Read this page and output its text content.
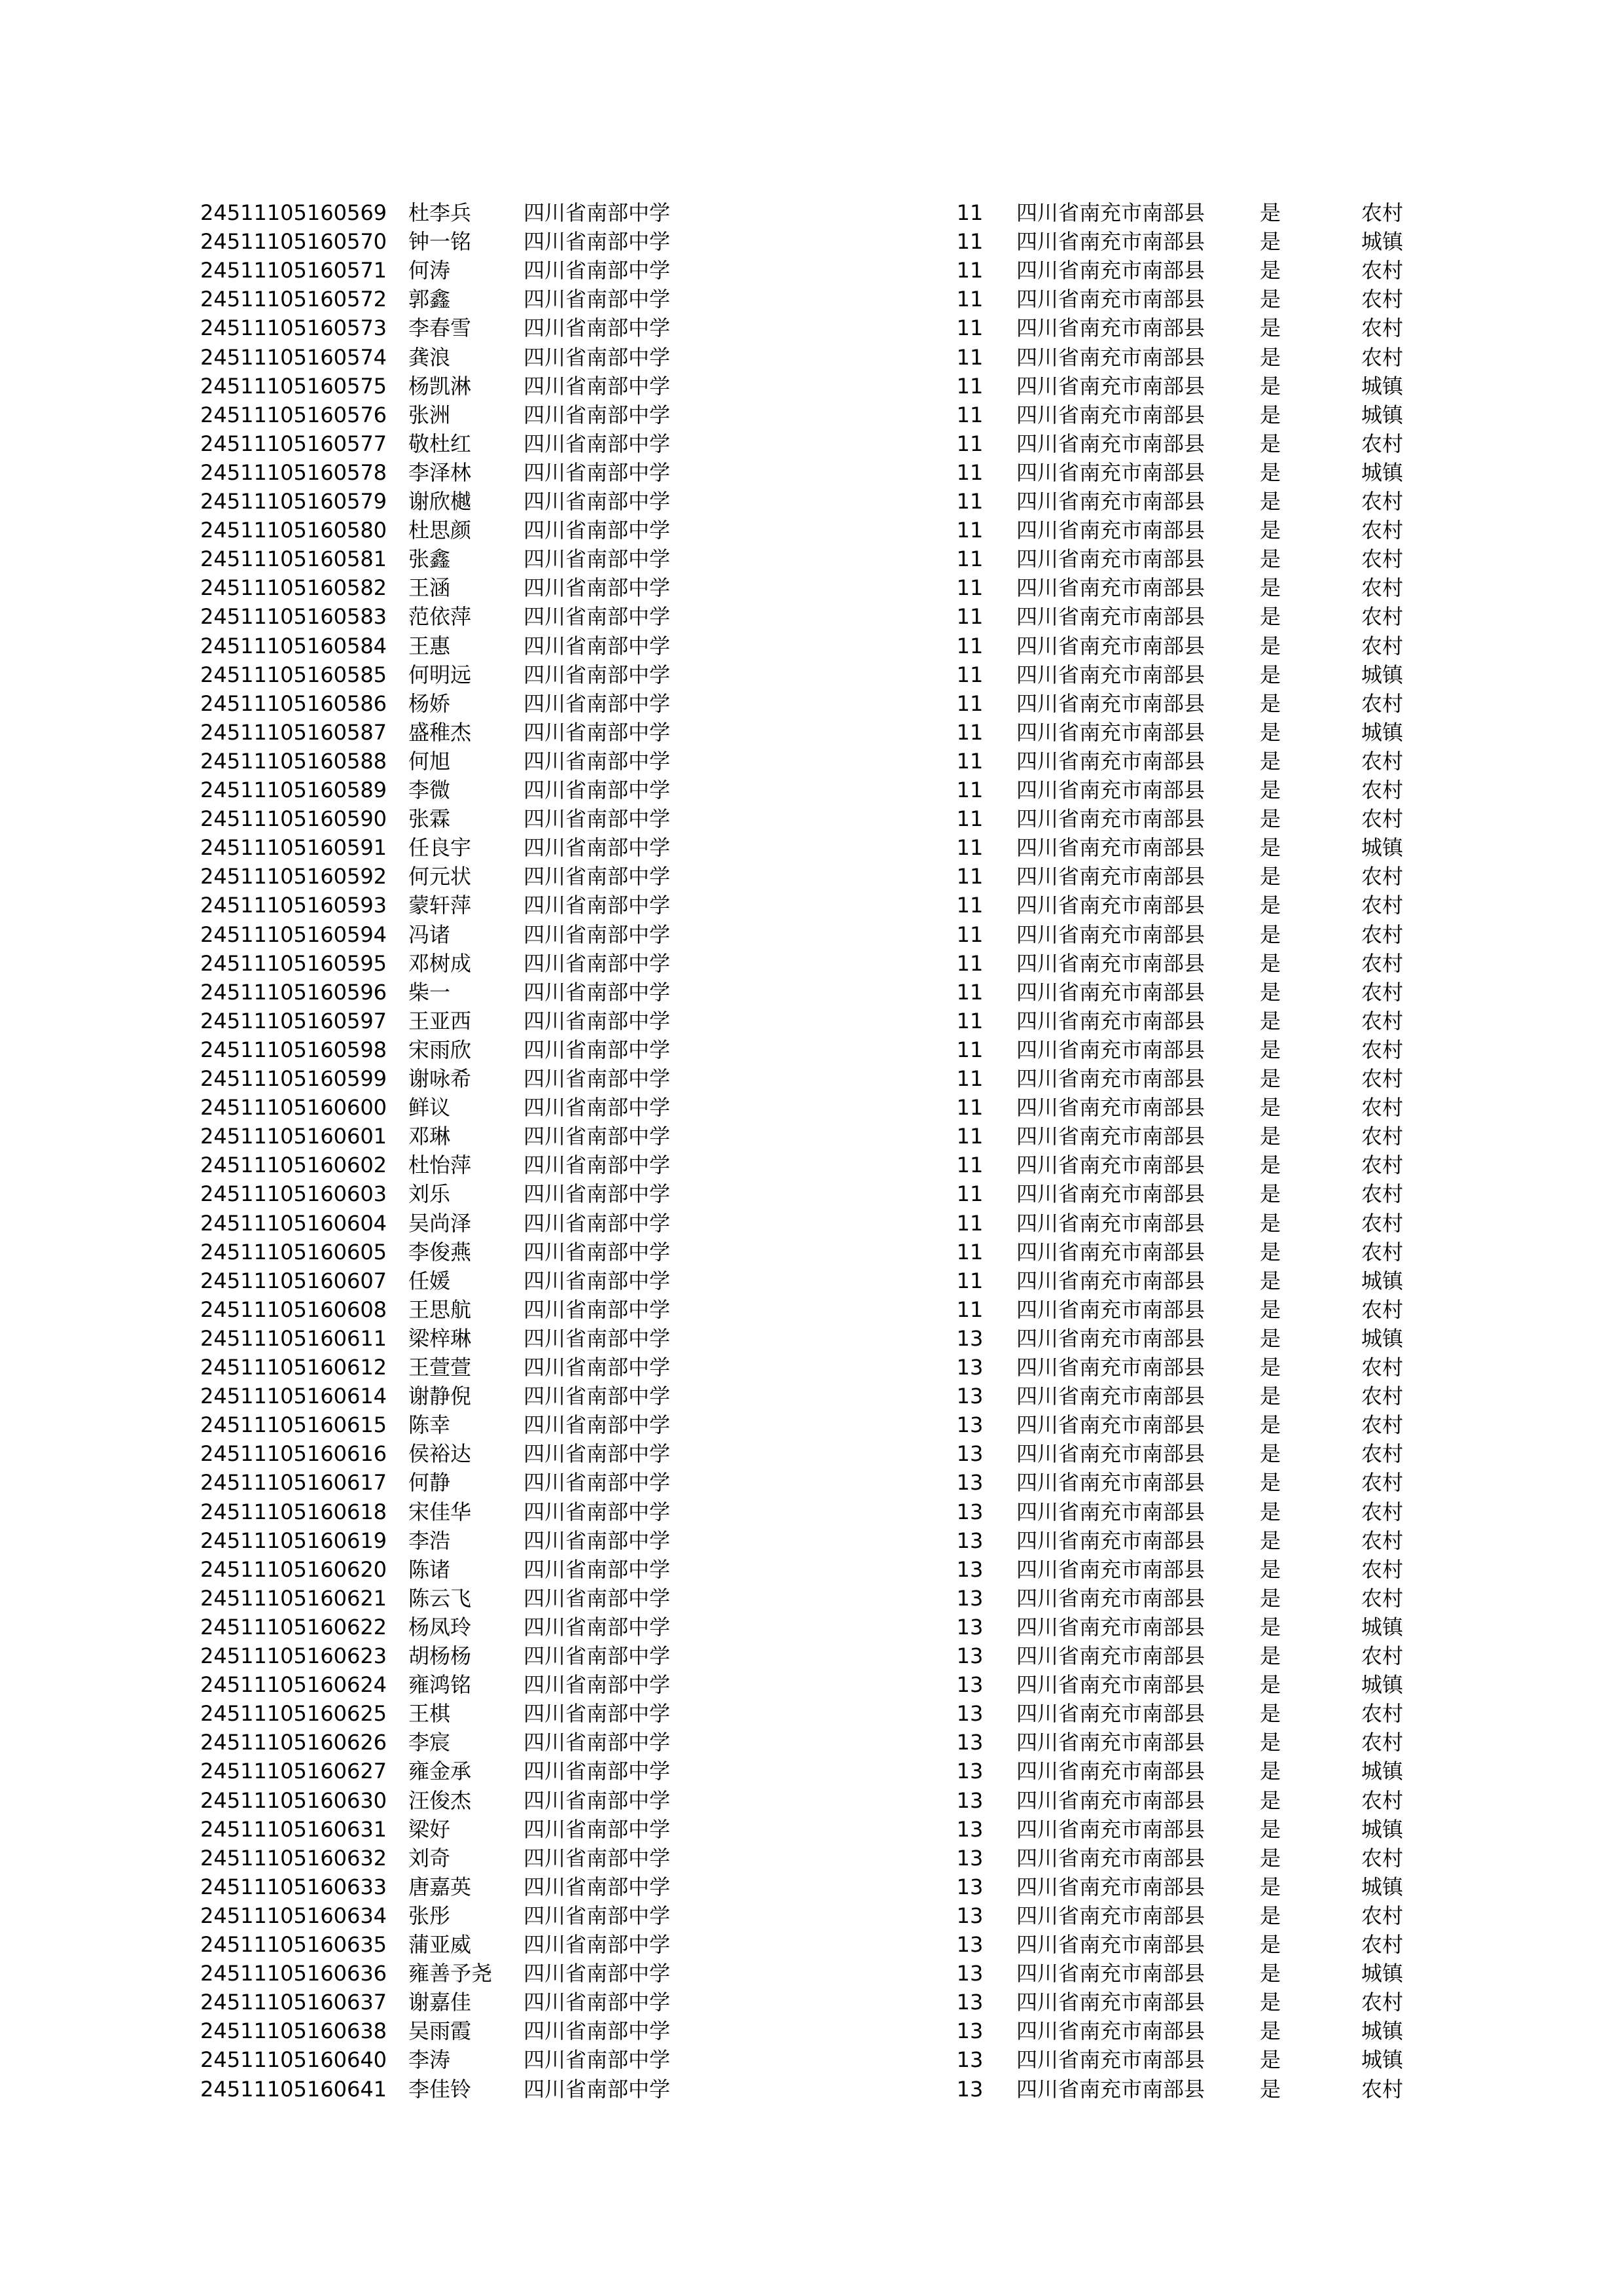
24511105160569 杜李兵 四川省南部中学	11	四川省南充市南部县	是	农村
24511105160570 钟一铭 四川省南部中学	11	四川省南充市南部县	是	城镇
24511105160571 何涛	四川省南部中学	11	四川省南充市南部县	是	农村
24511105160572 郭鑫	四川省南部中学	11	四川省南充市南部县	是	农村
24511105160573 李春雪 四川省南部中学	11	四川省南充市南部县	是	农村
24511105160574 龚浪	四川省南部中学	11	四川省南充市南部县	是	农村
24511105160575 杨凯淋 四川省南部中学	11	四川省南充市南部县	是	城镇
24511105160576 张洲	四川省南部中学	11	四川省南充市南部县	是	城镇
24511105160577 敬杜红 四川省南部中学	11	四川省南充市南部县	是	农村
24511105160578 李泽林 四川省南部中学	11	四川省南充市南部县	是	城镇
24511105160579 谢欣樾 四川省南部中学	11	四川省南充市南部县	是	农村
24511105160580 杜思颜 四川省南部中学	11	四川省南充市南部县	是	农村
24511105160581 张鑫	四川省南部中学	11	四川省南充市南部县	是	农村
24511105160582 王涵	四川省南部中学	11	四川省南充市南部县	是	农村
24511105160583 范依萍 四川省南部中学	11	四川省南充市南部县	是	农村
24511105160584 王惠	四川省南部中学	11	四川省南充市南部县	是	农村
24511105160585 何明远 四川省南部中学	11	四川省南充市南部县	是	城镇
24511105160586 杨娇	四川省南部中学	11	四川省南充市南部县	是	农村
24511105160587 盛稚杰 四川省南部中学	11	四川省南充市南部县	是	城镇
24511105160588 何旭	四川省南部中学	11	四川省南充市南部县	是	农村
24511105160589 李微	四川省南部中学	11	四川省南充市南部县	是	农村
24511105160590 张霖	四川省南部中学	11	四川省南充市南部县	是	农村
24511105160591 任良宇 四川省南部中学	11	四川省南充市南部县	是	城镇
24511105160592 何元状 四川省南部中学	11	四川省南充市南部县	是	农村
24511105160593 蒙轩萍 四川省南部中学	11	四川省南充市南部县	是	农村
24511105160594 冯诸	四川省南部中学	11	四川省南充市南部县	是	农村
24511105160595 邓树成 四川省南部中学	11	四川省南充市南部县	是	农村
24511105160596 柴一	四川省南部中学	11	四川省南充市南部县	是	农村
24511105160597 王亚西 四川省南部中学	11	四川省南充市南部县	是	农村
24511105160598 宋雨欣 四川省南部中学	11	四川省南充市南部县	是	农村
24511105160599 谢咏希 四川省南部中学	11	四川省南充市南部县	是	农村
24511105160600 鲜议	四川省南部中学	11	四川省南充市南部县	是	农村
24511105160601 邓琳	四川省南部中学	11	四川省南充市南部县	是	农村
24511105160602 杜怡萍 四川省南部中学	11	四川省南充市南部县	是	农村
24511105160603 刘乐	四川省南部中学	11	四川省南充市南部县	是	农村
24511105160604 吴尚泽 四川省南部中学	11	四川省南充市南部县	是	农村
24511105160605 李俊燕 四川省南部中学	11	四川省南充市南部县	是	农村
24511105160607 任媛	四川省南部中学	11	四川省南充市南部县	是	城镇
24511105160608 王思航 四川省南部中学	11	四川省南充市南部县	是	农村
24511105160611 梁梓琳 四川省南部中学	13	四川省南充市南部县	是	城镇
24511105160612 王萱萱 四川省南部中学	13	四川省南充市南部县	是	农村
24511105160614 谢静倪 四川省南部中学	13	四川省南充市南部县	是	农村
24511105160615 陈幸	四川省南部中学	13	四川省南充市南部县	是	农村
24511105160616 侯裕达 四川省南部中学	13	四川省南充市南部县	是	农村
24511105160617 何静	四川省南部中学	13	四川省南充市南部县	是	农村
24511105160618 宋佳华 四川省南部中学	13	四川省南充市南部县	是	农村
24511105160619 李浩	四川省南部中学	13	四川省南充市南部县	是	农村
24511105160620 陈诸	四川省南部中学	13	四川省南充市南部县	是	农村
24511105160621 陈云飞 四川省南部中学	13	四川省南充市南部县	是	农村
24511105160622 杨凤玲 四川省南部中学	13	四川省南充市南部县	是	城镇
24511105160623 胡杨杨 四川省南部中学	13	四川省南充市南部县	是	农村
24511105160624 雍鸿铭 四川省南部中学	13	四川省南充市南部县	是	城镇
24511105160625 王棋	四川省南部中学	13	四川省南充市南部县	是	农村
24511105160626 李宸	四川省南部中学	13	四川省南充市南部县	是	农村
24511105160627 雍金承 四川省南部中学	13	四川省南充市南部县	是	城镇
24511105160630 汪俊杰 四川省南部中学	13	四川省南充市南部县	是	农村
24511105160631 梁好	四川省南部中学	13	四川省南充市南部县	是	城镇
24511105160632 刘奇	四川省南部中学	13	四川省南充市南部县	是	农村
24511105160633 唐嘉英 四川省南部中学	13	四川省南充市南部县	是	城镇
24511105160634 张彤	四川省南部中学	13	四川省南充市南部县	是	农村
24511105160635 蒲亚威 四川省南部中学	13	四川省南充市南部县	是	农村
24511105160636 雍善予尧 四川省南部中学	13	四川省南充市南部县	是	城镇
24511105160637 谢嘉佳 四川省南部中学	13	四川省南充市南部县	是	农村
24511105160638 吴雨霞 四川省南部中学	13	四川省南充市南部县	是	城镇
24511105160640 李涛	四川省南部中学	13	四川省南充市南部县	是	城镇
24511105160641 李佳铃 四川省南部中学	13	四川省南充市南部县	是	农村
